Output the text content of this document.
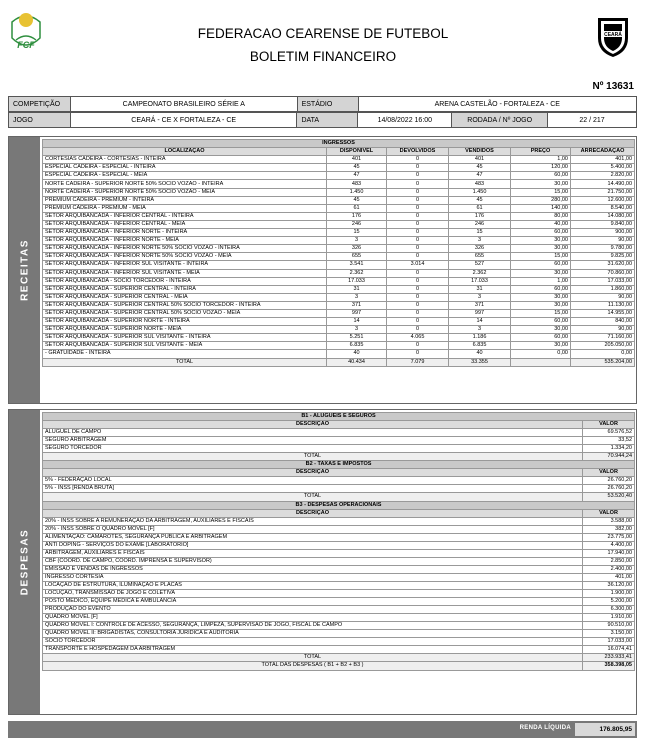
FCF
CEARÁ
FEDERACAO CEARENSE DE FUTEBOL
BOLETIM FINANCEIRO
Nº 13631
COMPETIÇÃO	CAMPEONATO BRASILEIRO SÉRIE A	ESTÁDIO	ARENA CASTELÃO - FORTALEZA - CE
JOGO	CEARÁ - CE X FORTALEZA - CE	DATA	14/08/2022 16:00	RODADA / Nº JOGO	22 / 217
RECEITAS
INGRESSOS					
LOCALIZAÇÃO	DISPONÍVEL	DEVOLVIDOS	VENDIDOS	PREÇO	ARRECADAÇÃO
CORTESIAS CADEIRA - CORTESIAS - INTEIRA	401	0	401	1,00	401,00
ESPECIAL CADEIRA - ESPECIAL - INTEIRA	45	0	45	120,00	5.400,00
ESPECIAL CADEIRA - ESPECIAL - MEIA	47	0	47	60,00	2.820,00
NORTE CADEIRA - SUPERIOR NORTE 50% SOCIO VOZAO - INTEIRA	483	0	483	30,00	14.490,00
NORTE CADEIRA - SUPERIOR NORTE 50% SOCIO VOZAO - MEIA	1.450	0	1.450	15,00	21.750,00
PREMIUM CADEIRA - PREMIUM - INTEIRA	45	0	45	280,00	12.600,00
PREMIUM CADEIRA - PREMIUM - MEIA	61	0	61	140,00	8.540,00
SETOR ARQUIBANCADA - INFERIOR CENTRAL - INTEIRA	176	0	176	80,00	14.080,00
SETOR ARQUIBANCADA - INFERIOR CENTRAL - MEIA	246	0	246	40,00	9.840,00
SETOR ARQUIBANCADA - INFERIOR NORTE - INTEIRA	15	0	15	60,00	900,00
SETOR ARQUIBANCADA - INFERIOR NORTE - MEIA	3	0	3	30,00	90,00
SETOR ARQUIBANCADA - INFERIOR NORTE 50% SOCIO VOZAO - INTEIRA	326	0	326	30,00	9.780,00
SETOR ARQUIBANCADA - INFERIOR NORTE 50% SOCIO VOZAO - MEIA	655	0	655	15,00	9.825,00
SETOR ARQUIBANCADA - INFERIOR SUL VISITANTE - INTEIRA	3.541	3.014	527	60,00	31.620,00
SETOR ARQUIBANCADA - INFERIOR SUL VISITANTE - MEIA	2.362	0	2.362	30,00	70.860,00
SETOR ARQUIBANCADA - SÓCIO TORCEDOR - INTEIRA	17.033	0	17.033	1,00	17.033,00
SETOR ARQUIBANCADA - SUPERIOR CENTRAL - INTEIRA	31	0	31	60,00	1.860,00
SETOR ARQUIBANCADA - SUPERIOR CENTRAL - MEIA	3	0	3	30,00	90,00
SETOR ARQUIBANCADA - SUPERIOR CENTRAL 50% SOCIO TORCEDOR - INTEIRA	371	0	371	30,00	11.130,00
SETOR ARQUIBANCADA - SUPERIOR CENTRAL 50% SOCIO VOZAO - MEIA	997	0	997	15,00	14.955,00
SETOR ARQUIBANCADA - SUPERIOR NORTE - INTEIRA	14	0	14	60,00	840,00
SETOR ARQUIBANCADA - SUPERIOR NORTE - MEIA	3	0	3	30,00	90,00
SETOR ARQUIBANCADA - SUPERIOR SUL VISITANTE - INTEIRA	5.251	4.065	1.186	60,00	71.160,00
SETOR ARQUIBANCADA - SUPERIOR SUL VISITANTE - MEIA	6.835	0	6.835	30,00	205.050,00
- GRATUIDADE - INTEIRA	40	0	40	0,00	0,00
TOTAL	40.434	7.079	33.355		535.204,00
DESPESAS
B1 - ALUGUEIS E SEGUROS	
DESCRIÇÃO	VALOR
ALUGUEL DE CAMPO	69.576,52
SEGURO ARBITRAGEM	33,52
SEGURO TORCEDOR	1.334,20
TOTAL	70.944,24
B2 - TAXAS E IMPOSTOS	
DESCRIÇÃO	VALOR
5% - FEDERAÇÃO LOCAL	26.760,20
5% - INSS [RENDA BRUTA]	26.760,20
TOTAL	53.520,40
B3 - DESPESAS OPERACIONAIS	
DESCRIÇÃO	VALOR
20% - INSS SOBRE A REMUNERAÇÃO DA ARBITRAGEM, AUXILIARES E FISCAIS	3.588,00
20% - INSS SOBRE O QUADRO MÓVEL [F]	382,00
ALIMENTAÇÃO: CAMAROTES, SEGURANÇA PÚBLICA E ARBITRAGEM	23.775,00
ANTI DOPING - SERVIÇOS DO EXAME [LABORATÓRIO]	4.400,00
ARBITRAGEM, AUXILIARES E FISCAIS	17.940,00
CBF (COORD. DE CAMPO, COORD. IMPRENSA E SUPERVISOR)	2.850,00
EMISSÃO E VENDAS DE INGRESSOS	2.400,00
INGRESSO CORTESIA	401,00
LOCAÇÃO DE ESTRUTURA, ILUMINAÇÃO E PLACAS	36.120,00
LOCUÇÃO, TRANSMISSÃO DE JOGO E COLETIVA	1.900,00
POSTO MÉDICO, EQUIPE MÉDICA E AMBULÂNCIA	5.200,00
PRODUÇÃO DO EVENTO	6.300,00
QUADRO MÓVEL [F]	1.910,00
QUADRO MÓVEL I: CONTROLE DE ACESSO, SEGURANÇA, LIMPEZA, SUPERVISÃO DE JOGO, FISCAL DE CAMPO	90.510,00
QUADRO MÓVEL II: BRIGADISTAS, CONSULTORIA JURÍDICA E AUDITORIA	3.150,00
SÓCIO TORCEDOR	17.033,00
TRANSPORTE E HOSPEDAGEM DA ARBITRAGEM	16.074,41
TOTAL	233.933,41
TOTAL DAS DESPESAS ( B1 + B2 + B3 )	358.398,05
RENDA LÍQUIDA	176.805,95
